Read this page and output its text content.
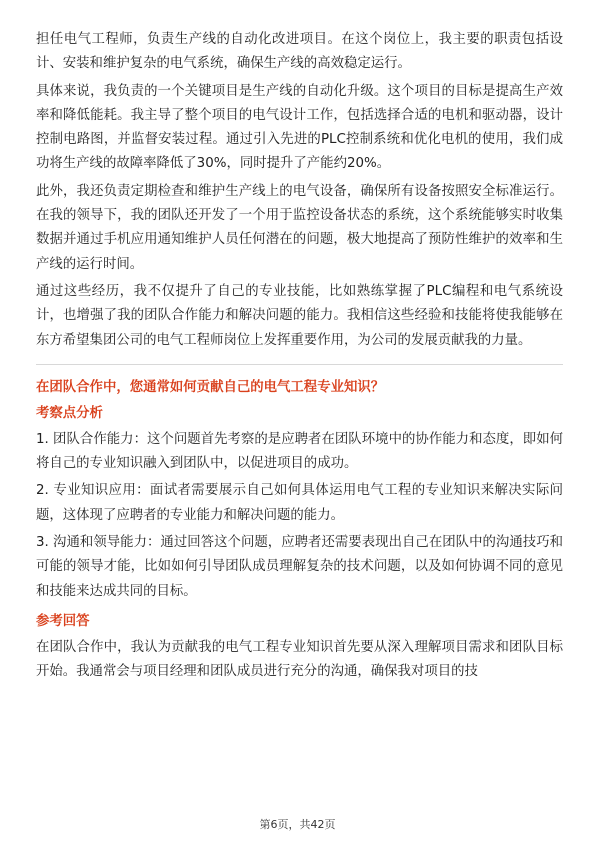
担任电气工程师，负责生产线的自动化改进项目。在这个岗位上，我主要的职责包括设计、安装和维护复杂的电气系统，确保生产线的高效稳定运行。

具体来说，我负责的一个关键项目是生产线的自动化升级。这个项目的目标是提高生产效率和降低能耗。我主导了整个项目的电气设计工作，包括选择合适的电机和驱动器，设计控制电路图，并监督安装过程。通过引入先进的PLC控制系统和优化电机的使用，我们成功将生产线的故障率降低了30%，同时提升了产能约20%。

此外，我还负责定期检查和维护生产线上的电气设备，确保所有设备按照安全标准运行。在我的领导下，我的团队还开发了一个用于监控设备状态的系统，这个系统能够实时收集数据并通过手机应用通知维护人员任何潜在的问题，极大地提高了预防性维护的效率和生产线的运行时间。

通过这些经历，我不仅提升了自己的专业技能，比如熟练掌握了PLC编程和电气系统设计，也增强了我的团队合作能力和解决问题的能力。我相信这些经验和技能将使我能够在东方希望集团公司的电气工程师岗位上发挥重要作用，为公司的发展贡献我的力量。

在团队合作中，您通常如何贡献自己的电气工程专业知识？
考察点分析

1. 团队合作能力：这个问题首先考察的是应聘者在团队环境中的协作能力和态度，即如何将自己的专业知识融入到团队中，以促进项目的成功。

2. 专业知识应用：面试者需要展示自己如何具体运用电气工程的专业知识来解决实际问题，这体现了应聘者的专业能力和解决问题的能力。

3. 沟通和领导能力：通过回答这个问题，应聘者还需要表现出自己在团队中的沟通技巧和可能的领导才能，比如如何引导团队成员理解复杂的技术问题，以及如何协调不同的意见和技能来达成共同的目标。

参考回答

在团队合作中，我认为贡献我的电气工程专业知识首先要从深入理解项目需求和团队目标开始。我通常会与项目经理和团队成员进行充分的沟通，确保我对项目的技

第6页，共42页
